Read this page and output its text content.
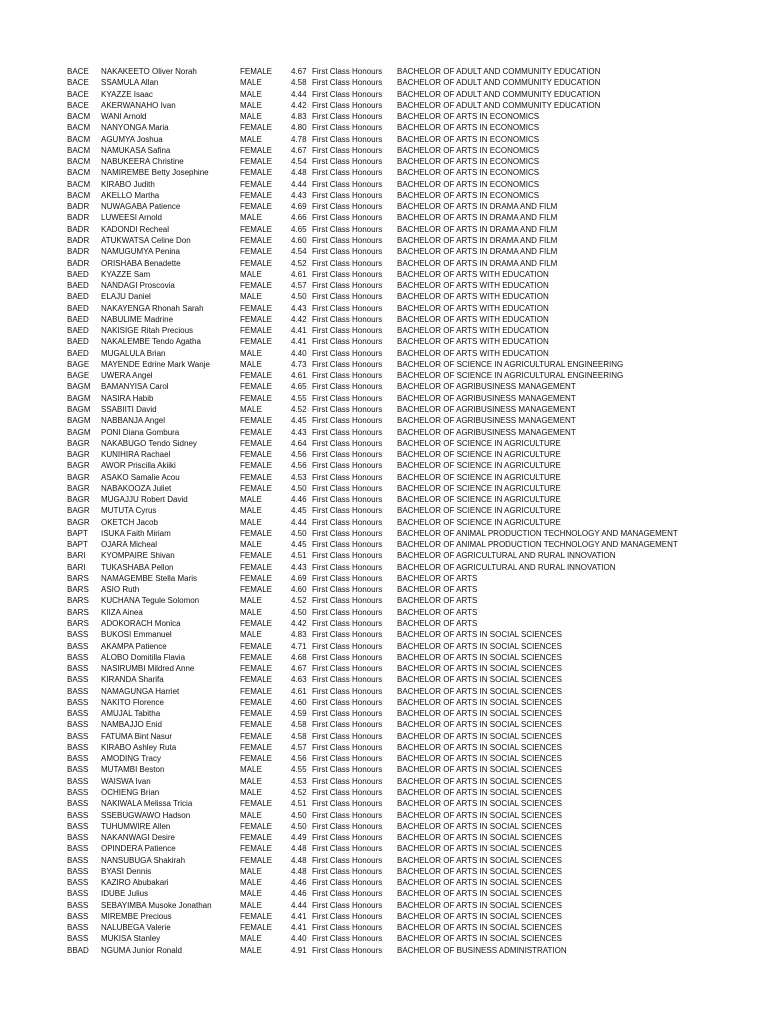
BACE NAKAKEETO Oliver Norah	FEMALE 4.67 First Class Honours BACHELOR OF ADULT AND COMMUNITY EDUCATION
BACE SSAMULA Allan	MALE	4.58 First Class Honours BACHELOR OF ADULT AND COMMUNITY EDUCATION
BACE KYAZZE Isaac	MALE	4.44 First Class Honours BACHELOR OF ADULT AND COMMUNITY EDUCATION
BACE AKERWANAHO Ivan	MALE	4.42 First Class Honours BACHELOR OF ADULT AND COMMUNITY EDUCATION
BACM WANI Arnold	MALE	4.83 First Class Honours BACHELOR OF ARTS IN ECONOMICS
BACM NANYONGA Maria	FEMALE 4.80 First Class Honours BACHELOR OF ARTS IN ECONOMICS
BACM AGUMYA Joshua	MALE	4.78 First Class Honours BACHELOR OF ARTS IN ECONOMICS
BACM NAMUKASA Safina	FEMALE 4.67 First Class Honours BACHELOR OF ARTS IN ECONOMICS
BACM NABUKEERA Christine	FEMALE 4.54 First Class Honours BACHELOR OF ARTS IN ECONOMICS
BACM NAMIREMBE Betty Josephine	FEMALE 4.48 First Class Honours BACHELOR OF ARTS IN ECONOMICS
BACM KIRABO Judith	FEMALE 4.44 First Class Honours BACHELOR OF ARTS IN ECONOMICS
BACM AKELLO Martha	FEMALE 4.43 First Class Honours BACHELOR OF ARTS IN ECONOMICS
BADR NUWAGABA Patience	FEMALE 4.69 First Class Honours BACHELOR OF ARTS IN DRAMA AND FILM
BADR LUWEESI Arnold	MALE	4.66 First Class Honours BACHELOR OF ARTS IN DRAMA AND FILM
BADR KADONDI Recheal	FEMALE 4.65 First Class Honours BACHELOR OF ARTS IN DRAMA AND FILM
BADR ATUKWATSA Celine Don	FEMALE 4.60 First Class Honours BACHELOR OF ARTS IN DRAMA AND FILM
BADR NAMUGUMYA Penina	FEMALE 4.54 First Class Honours BACHELOR OF ARTS IN DRAMA AND FILM
BADR ORISHABA Benadette	FEMALE 4.52 First Class Honours BACHELOR OF ARTS IN DRAMA AND FILM
BAED KYAZZE Sam	MALE	4.61 First Class Honours BACHELOR OF ARTS WITH EDUCATION
BAED NANDAGI Proscovia	FEMALE 4.57 First Class Honours BACHELOR OF ARTS WITH EDUCATION
BAED ELAJU Daniel	MALE	4.50 First Class Honours BACHELOR OF ARTS WITH EDUCATION
BAED NAKAYENGA Rhonah Sarah	FEMALE 4.43 First Class Honours BACHELOR OF ARTS WITH EDUCATION
BAED NABULIME Madrine	FEMALE 4.42 First Class Honours BACHELOR OF ARTS WITH EDUCATION
BAED NAKISIGE Ritah Precious	FEMALE 4.41 First Class Honours BACHELOR OF ARTS WITH EDUCATION
BAED NAKALEMBE Tendo Agatha	FEMALE 4.41 First Class Honours BACHELOR OF ARTS WITH EDUCATION
BAED MUGALULA Brian	MALE	4.40 First Class Honours BACHELOR OF ARTS WITH EDUCATION
BAGE MAYENDE Edrine Mark Wanje	MALE	4.73 First Class Honours BACHELOR OF SCIENCE IN AGRICULTURAL ENGINEERING
BAGE UWERA Angel	FEMALE 4.61 First Class Honours BACHELOR OF SCIENCE IN AGRICULTURAL ENGINEERING
BAGM BAMANYISA Carol	FEMALE 4.65 First Class Honours BACHELOR OF AGRIBUSINESS MANAGEMENT
BAGM NASIRA Habib	FEMALE 4.55 First Class Honours BACHELOR OF AGRIBUSINESS MANAGEMENT
BAGM SSABIITI David	MALE	4.52 First Class Honours BACHELOR OF AGRIBUSINESS MANAGEMENT
BAGM NABBANJA Angel	FEMALE 4.45 First Class Honours BACHELOR OF AGRIBUSINESS MANAGEMENT
BAGM PONI Diana Gombura	FEMALE 4.43 First Class Honours BACHELOR OF AGRIBUSINESS MANAGEMENT
BAGR NAKABUGO Tendo Sidney	FEMALE 4.64 First Class Honours BACHELOR OF SCIENCE IN AGRICULTURE
BAGR KUNIHIRA Rachael	FEMALE 4.56 First Class Honours BACHELOR OF SCIENCE IN AGRICULTURE
BAGR AWOR Priscilla Akiiki	FEMALE 4.56 First Class Honours BACHELOR OF SCIENCE IN AGRICULTURE
BAGR ASAKO Samalie Acou	FEMALE 4.53 First Class Honours BACHELOR OF SCIENCE IN AGRICULTURE
BAGR NABAKOOZA Juliet	FEMALE 4.50 First Class Honours BACHELOR OF SCIENCE IN AGRICULTURE
BAGR MUGAJJU Robert David	MALE	4.46 First Class Honours BACHELOR OF SCIENCE IN AGRICULTURE
BAGR MUTUTA Cyrus	MALE	4.45 First Class Honours BACHELOR OF SCIENCE IN AGRICULTURE
BAGR OKETCH Jacob	MALE	4.44 First Class Honours BACHELOR OF SCIENCE IN AGRICULTURE
BAPT ISUKA Faith Miriam	FEMALE 4.50 First Class Honours BACHELOR OF ANIMAL PRODUCTION TECHNOLOGY AND MANAGEMENT
BAPT OJARA Micheal	MALE	4.45 First Class Honours BACHELOR OF ANIMAL PRODUCTION TECHNOLOGY AND MANAGEMENT
BARI KYOMPAIRE Shivan	FEMALE 4.51 First Class Honours BACHELOR OF AGRICULTURAL AND RURAL INNOVATION
BARI TUKASHABA Pellon	FEMALE 4.43 First Class Honours BACHELOR OF AGRICULTURAL AND RURAL INNOVATION
BARS NAMAGEMBE Stella Maris	FEMALE 4.69 First Class Honours BACHELOR OF ARTS
BARS ASIO Ruth	FEMALE 4.60 First Class Honours BACHELOR OF ARTS
BARS KUCHANA Tegule Solomon	MALE	4.52 First Class Honours BACHELOR OF ARTS
BARS KIIZA Ainea	MALE	4.50 First Class Honours BACHELOR OF ARTS
BARS ADOKORACH Monica	FEMALE 4.42 First Class Honours BACHELOR OF ARTS
BASS BUKOSI Emmanuel	MALE	4.83 First Class Honours BACHELOR OF ARTS IN SOCIAL SCIENCES
BASS AKAMPA Patience	FEMALE 4.71 First Class Honours BACHELOR OF ARTS IN SOCIAL SCIENCES
BASS ALOBO Domitilla Flavia	FEMALE 4.68 First Class Honours BACHELOR OF ARTS IN SOCIAL SCIENCES
BASS NASIRUMBI Mildred Anne	FEMALE 4.67 First Class Honours BACHELOR OF ARTS IN SOCIAL SCIENCES
BASS KIRANDA Sharifa	FEMALE 4.63 First Class Honours BACHELOR OF ARTS IN SOCIAL SCIENCES
BASS NAMAGUNGA Harriet	FEMALE 4.61 First Class Honours BACHELOR OF ARTS IN SOCIAL SCIENCES
BASS NAKITO Florence	FEMALE 4.60 First Class Honours BACHELOR OF ARTS IN SOCIAL SCIENCES
BASS AMUJAL Tabitha	FEMALE 4.59 First Class Honours BACHELOR OF ARTS IN SOCIAL SCIENCES
BASS NAMBAJJO Enid	FEMALE 4.58 First Class Honours BACHELOR OF ARTS IN SOCIAL SCIENCES
BASS FATUMA Bint Nasur	FEMALE 4.58 First Class Honours BACHELOR OF ARTS IN SOCIAL SCIENCES
BASS KIRABO Ashley Ruta	FEMALE 4.57 First Class Honours BACHELOR OF ARTS IN SOCIAL SCIENCES
BASS AMODING Tracy	FEMALE 4.56 First Class Honours BACHELOR OF ARTS IN SOCIAL SCIENCES
BASS MUTAMBI Beston	MALE	4.55 First Class Honours BACHELOR OF ARTS IN SOCIAL SCIENCES
BASS WAISWA Ivan	MALE	4.53 First Class Honours BACHELOR OF ARTS IN SOCIAL SCIENCES
BASS OCHIENG Brian	MALE	4.52 First Class Honours BACHELOR OF ARTS IN SOCIAL SCIENCES
BASS NAKIWALA Melissa Tricia	FEMALE 4.51 First Class Honours BACHELOR OF ARTS IN SOCIAL SCIENCES
BASS SSEBUGWAWO Hadson	MALE	4.50 First Class Honours BACHELOR OF ARTS IN SOCIAL SCIENCES
BASS TUHUMWIRE Allen	FEMALE 4.50 First Class Honours BACHELOR OF ARTS IN SOCIAL SCIENCES
BASS NAKANWAGI Desire	FEMALE 4.49 First Class Honours BACHELOR OF ARTS IN SOCIAL SCIENCES
BASS OPINDERA Patience	FEMALE 4.48 First Class Honours BACHELOR OF ARTS IN SOCIAL SCIENCES
BASS NANSUBUGA Shakirah	FEMALE 4.48 First Class Honours BACHELOR OF ARTS IN SOCIAL SCIENCES
BASS BYASI Dennis	MALE	4.48 First Class Honours BACHELOR OF ARTS IN SOCIAL SCIENCES
BASS KAZIRO Abubakari	MALE	4.46 First Class Honours BACHELOR OF ARTS IN SOCIAL SCIENCES
BASS IDUBE Julius	MALE	4.46 First Class Honours BACHELOR OF ARTS IN SOCIAL SCIENCES
BASS SEBAYIMBA Musoke Jonathan	MALE	4.44 First Class Honours BACHELOR OF ARTS IN SOCIAL SCIENCES
BASS MIREMBE Precious	FEMALE 4.41 First Class Honours BACHELOR OF ARTS IN SOCIAL SCIENCES
BASS NALUBEGA Valerie	FEMALE 4.41 First Class Honours BACHELOR OF ARTS IN SOCIAL SCIENCES
BASS MUKISA Stanley	MALE	4.40 First Class Honours BACHELOR OF ARTS IN SOCIAL SCIENCES
BBAD NGUMA Junior Ronald	MALE	4.91 First Class Honours BACHELOR OF BUSINESS ADMINISTRATION
